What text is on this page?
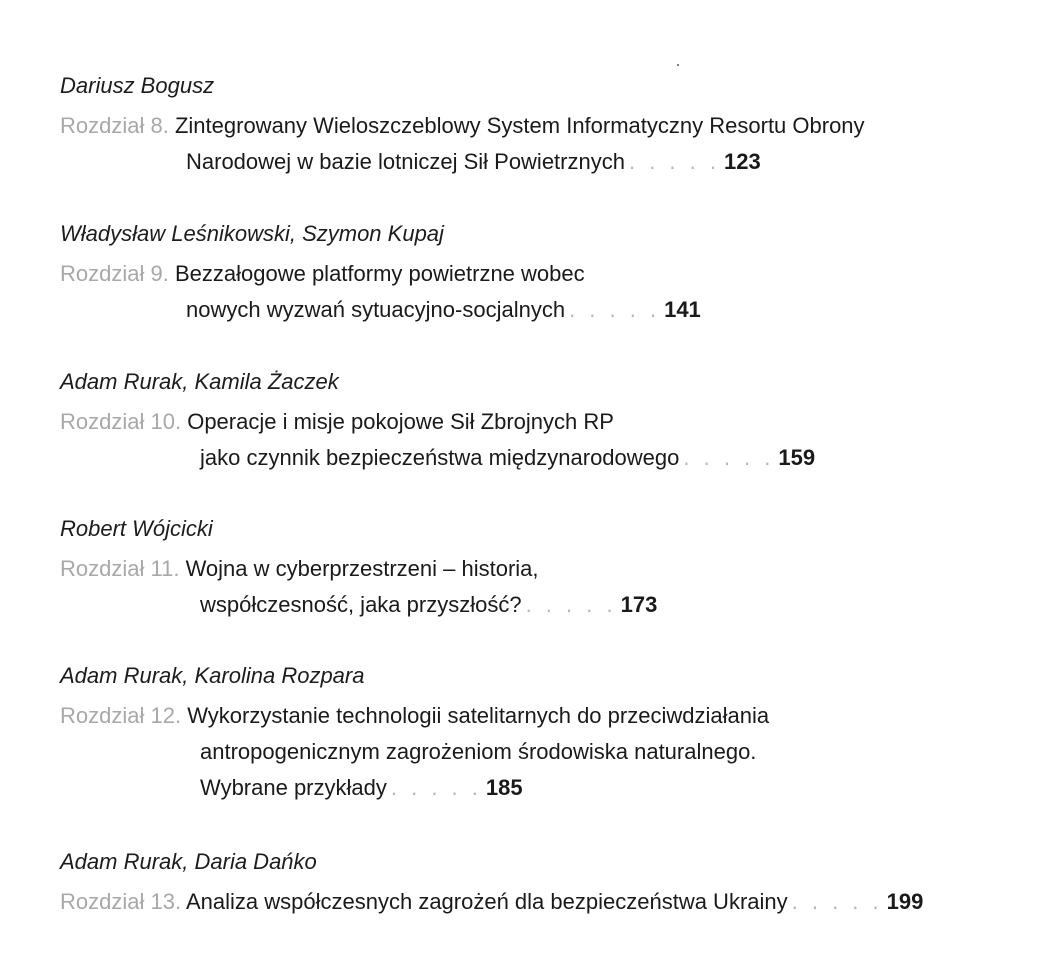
Dariusz Bogusz

Rozdział 8. Zintegrowany Wieloszczeblowy System Informatyczny Resortu Obrony

Narodowej w bazie lotniczej Sił Powietrznych . . . . . 123

Władysław Leśnikowski, Szymon Kupaj

Rozdział 9. Bezzałogowe platformy powietrzne wobec

nowych wyzwań sytuacyjno-socjalnych . . . . . 141

Adam Rurak, Kamila Żaczek

Rozdział 10. Operacje i misje pokojowe Sił Zbrojnych RP

jako czynnik bezpieczeństwa międzynarodowego . . . . . 159

Robert Wójcicki

Rozdział 11. Wojna w cyberprzestrzeni – historia,

współczesność, jaka przyszłość? . . . . . 173

Adam Rurak, Karolina Rozpara

Rozdział 12. Wykorzystanie technologii satelitarnych do przeciwdziałania

antropogenicznym zagrożeniom środowiska naturalnego.

Wybrane przykłady . . . . . 185

Adam Rurak, Daria Dańko

Rozdział 13. Analiza współczesnych zagrożeń dla bezpieczeństwa Ukrainy . . . . . 199
